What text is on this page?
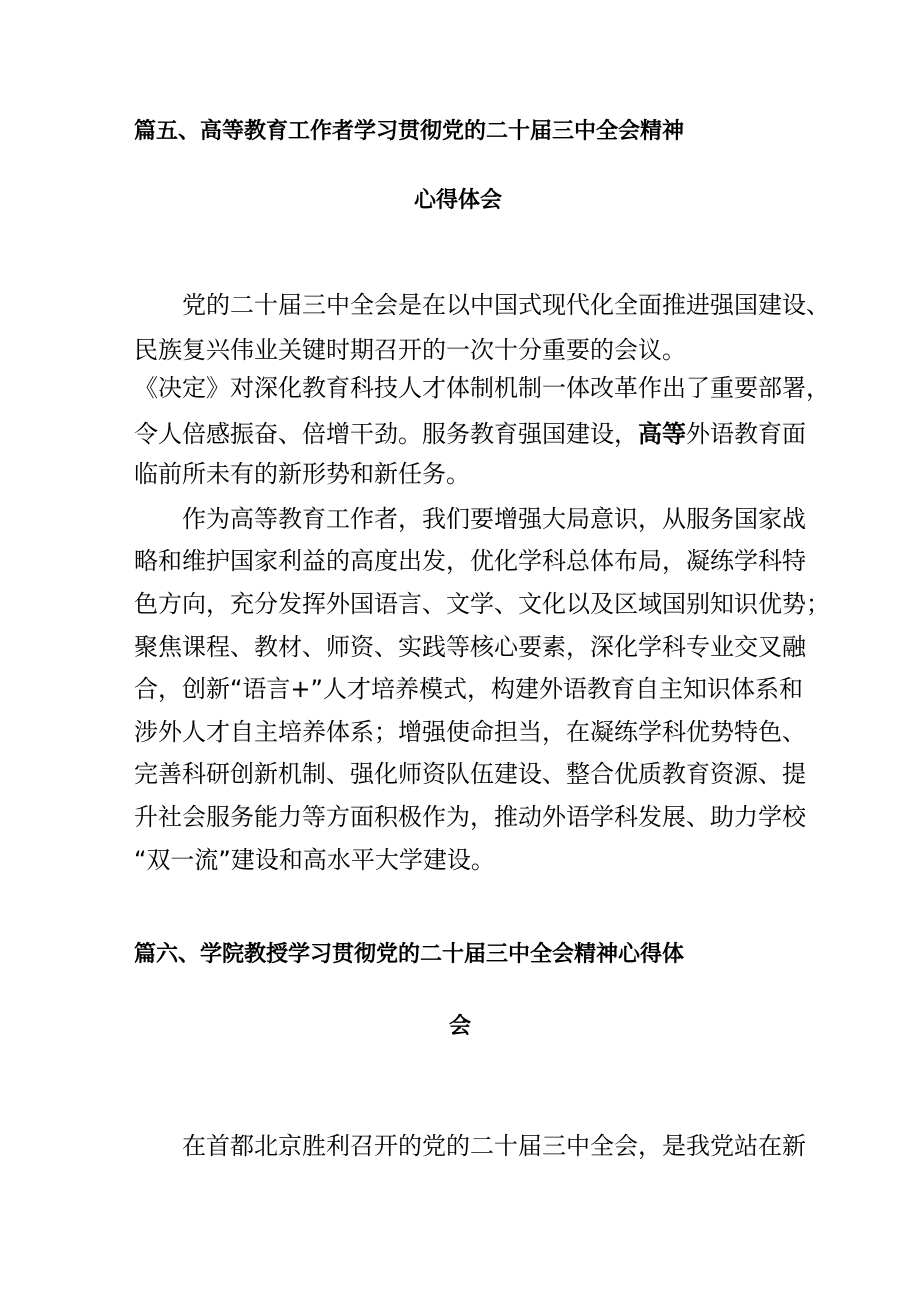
篇五、高等教育工作者学习贯彻党的二十届三中全会精神
心得体会
党的二十届三中全会是在以中国式现代化全面推进强国建设、
民族复兴伟业关键时期召开的一次十分重要的会议。
《决定》对深化教育科技人才体制机制一体改革作出了重要部署，
令人倍感振奋、倍增干劲。服务教育强国建设，高等外语教育面
临前所未有的新形势和新任务。
作为高等教育工作者，我们要增强大局意识，从服务国家战
略和维护国家利益的高度出发，优化学科总体布局，凝练学科特
色方向，充分发挥外国语言、文学、文化以及区域国别知识优势；
聚焦课程、教材、师资、实践等核心要素，深化学科专业交叉融
合，创新“语言+”人才培养模式，构建外语教育自主知识体系和
涉外人才自主培养体系；增强使命担当，在凝练学科优势特色、
完善科研创新机制、强化师资队伍建设、整合优质教育资源、提
升社会服务能力等方面积极作为，推动外语学科发展、助力学校
“双一流”建设和高水平大学建设。
篇六、学院教授学习贯彻党的二十届三中全会精神心得体
会
在首都北京胜利召开的党的二十届三中全会，是我党站在新
